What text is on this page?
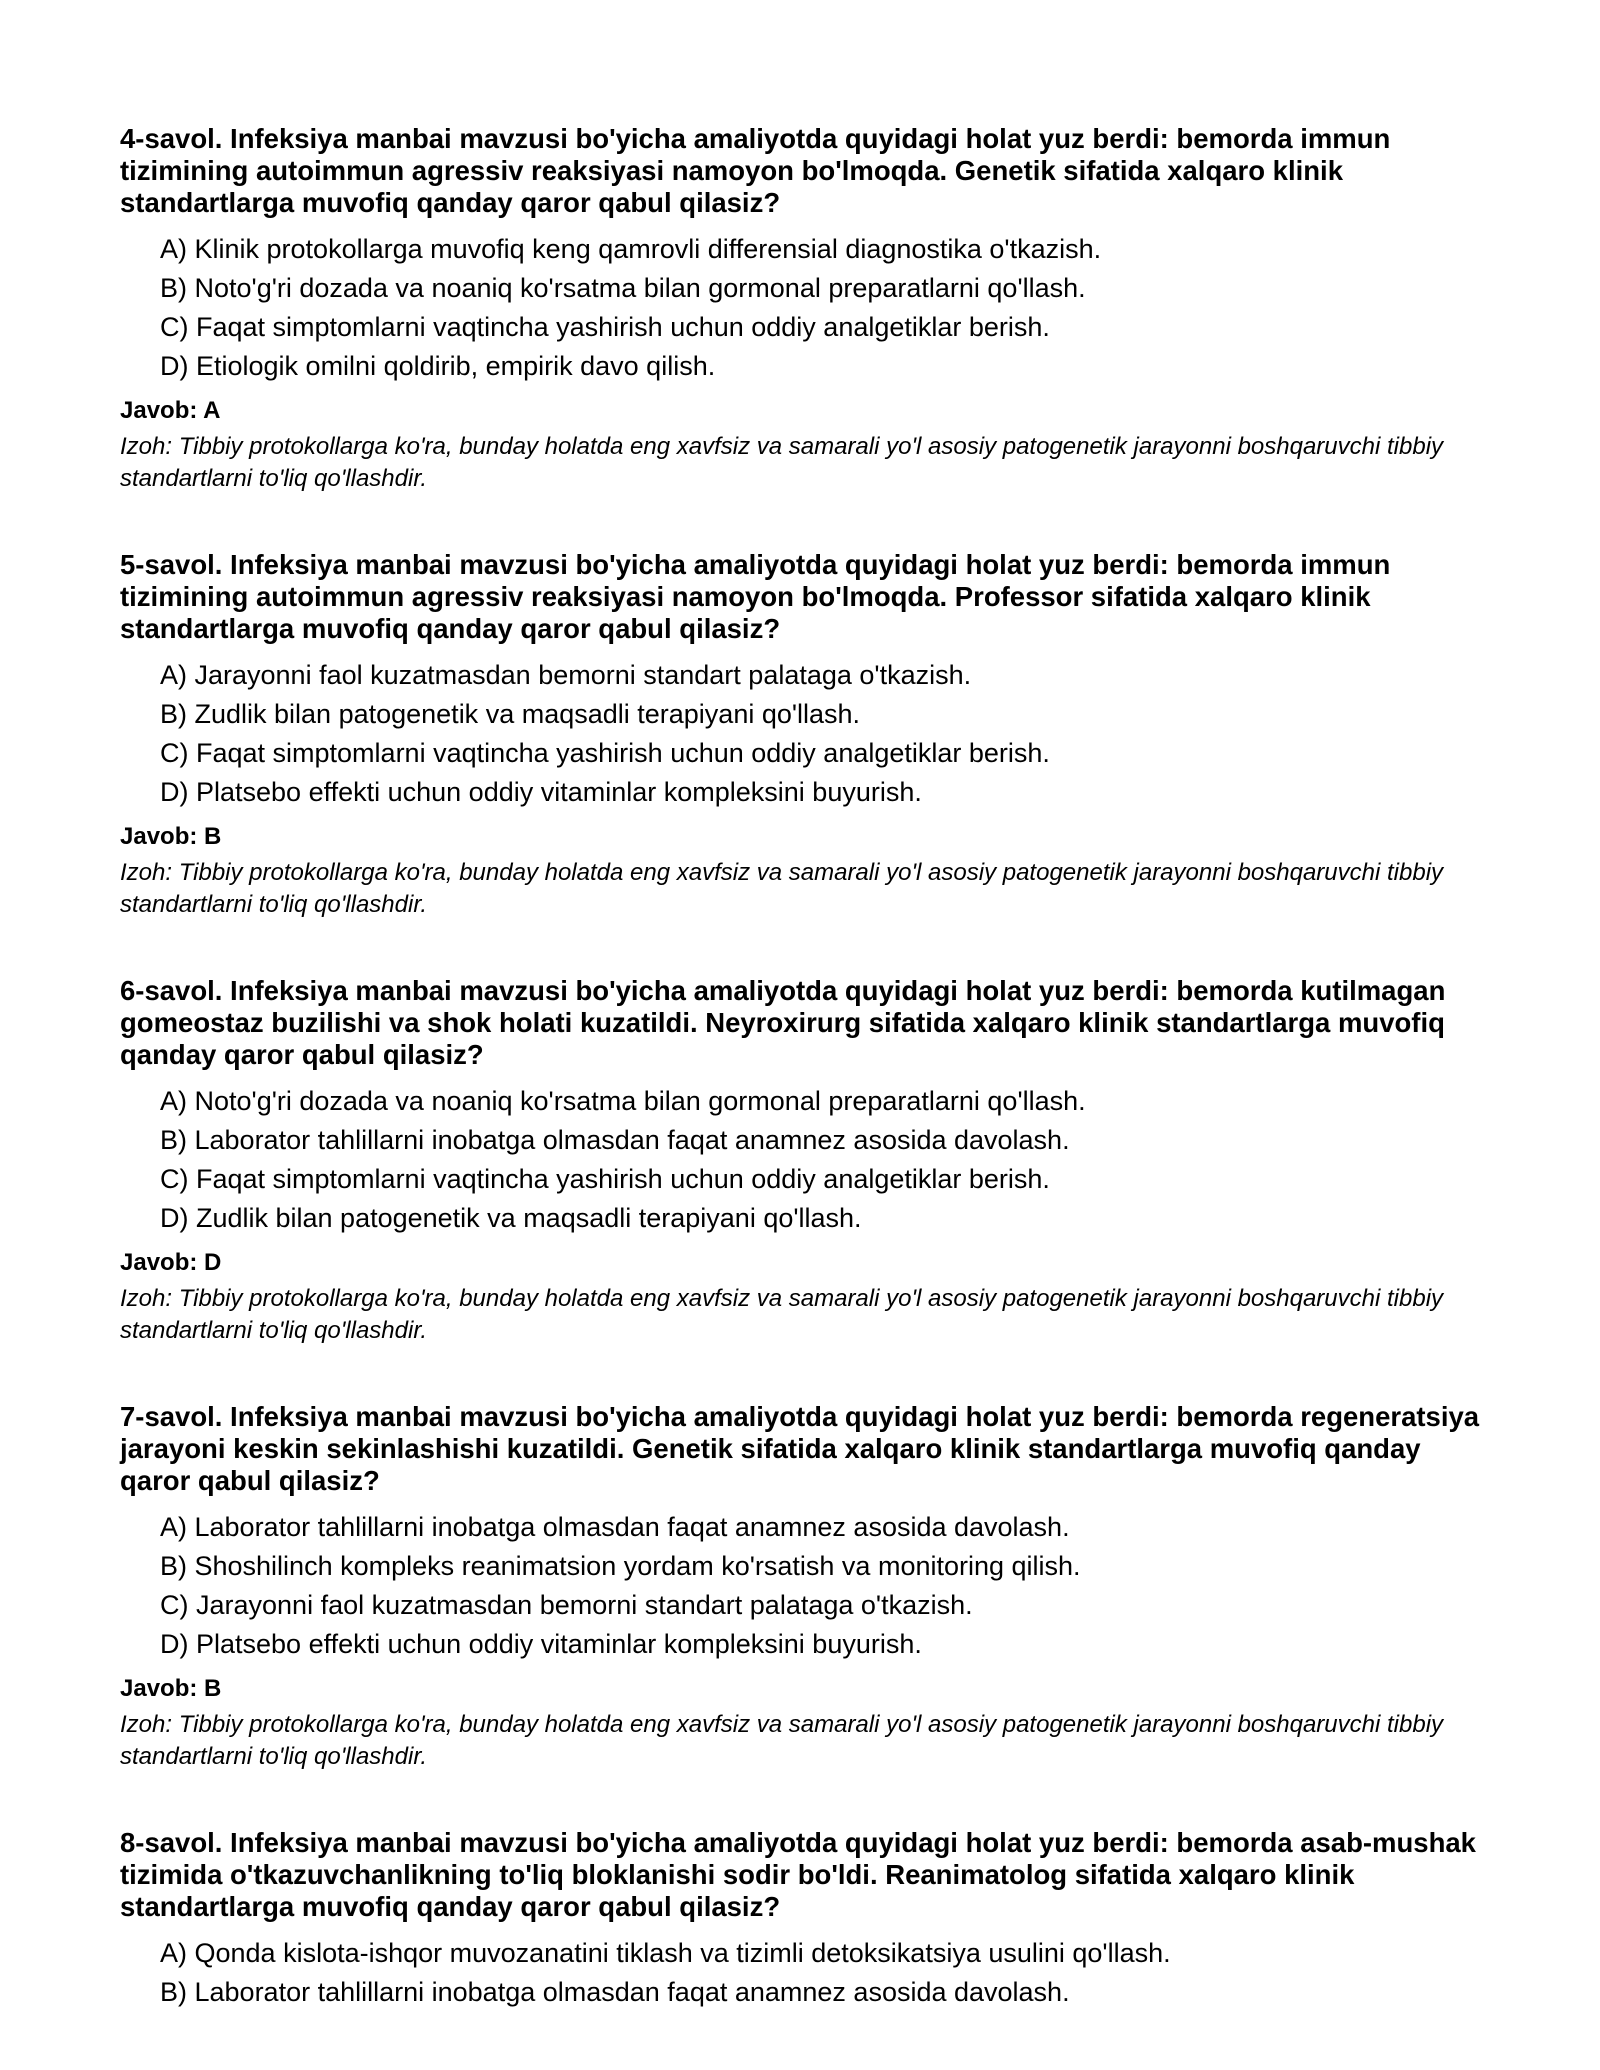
4-savol. Infeksiya manbai mavzusi bo'yicha amaliyotda quyidagi holat yuz berdi: bemorda immun tizimining autoimmun agressiv reaksiyasi namoyon bo'lmoqda. Genetik sifatida xalqaro klinik standartlarga muvofiq qanday qaror qabul qilasiz?
A) Klinik protokollarga muvofiq keng qamrovli differensial diagnostika o'tkazish.
B) Noto'g'ri dozada va noaniq ko'rsatma bilan gormonal preparatlarni qo'llash.
C) Faqat simptomlarni vaqtincha yashirish uchun oddiy analgetiklar berish.
D) Etiologik omilni qoldirib, empirik davo qilish.
Javob: A

Izoh: Tibbiy protokollarga ko'ra, bunday holatda eng xavfsiz va samarali yo'l asosiy patogenetik jarayonni boshqaruvchi tibbiy standartlarni to'liq qo'llashdir.

5-savol. Infeksiya manbai mavzusi bo'yicha amaliyotda quyidagi holat yuz berdi: bemorda immun tizimining autoimmun agressiv reaksiyasi namoyon bo'lmoqda. Professor sifatida xalqaro klinik standartlarga muvofiq qanday qaror qabul qilasiz?
A) Jarayonni faol kuzatmasdan bemorni standart palataga o'tkazish.
B) Zudlik bilan patogenetik va maqsadli terapiyani qo'llash.
C) Faqat simptomlarni vaqtincha yashirish uchun oddiy analgetiklar berish.
D) Platsebo effekti uchun oddiy vitaminlar kompleksini buyurish.
Javob: B

Izoh: Tibbiy protokollarga ko'ra, bunday holatda eng xavfsiz va samarali yo'l asosiy patogenetik jarayonni boshqaruvchi tibbiy standartlarni to'liq qo'llashdir.

6-savol. Infeksiya manbai mavzusi bo'yicha amaliyotda quyidagi holat yuz berdi: bemorda kutilmagan gomeostaz buzilishi va shok holati kuzatildi. Neyroxirurg sifatida xalqaro klinik standartlarga muvofiq qanday qaror qabul qilasiz?
A) Noto'g'ri dozada va noaniq ko'rsatma bilan gormonal preparatlarni qo'llash.
B) Laborator tahlillarni inobatga olmasdan faqat anamnez asosida davolash.
C) Faqat simptomlarni vaqtincha yashirish uchun oddiy analgetiklar berish.
D) Zudlik bilan patogenetik va maqsadli terapiyani qo'llash.
Javob: D

Izoh: Tibbiy protokollarga ko'ra, bunday holatda eng xavfsiz va samarali yo'l asosiy patogenetik jarayonni boshqaruvchi tibbiy standartlarni to'liq qo'llashdir.

7-savol. Infeksiya manbai mavzusi bo'yicha amaliyotda quyidagi holat yuz berdi: bemorda regeneratsiya jarayoni keskin sekinlashishi kuzatildi. Genetik sifatida xalqaro klinik standartlarga muvofiq qanday qaror qabul qilasiz?
A) Laborator tahlillarni inobatga olmasdan faqat anamnez asosida davolash.
B) Shoshilinch kompleks reanimatsion yordam ko'rsatish va monitoring qilish.
C) Jarayonni faol kuzatmasdan bemorni standart palataga o'tkazish.
D) Platsebo effekti uchun oddiy vitaminlar kompleksini buyurish.
Javob: B

Izoh: Tibbiy protokollarga ko'ra, bunday holatda eng xavfsiz va samarali yo'l asosiy patogenetik jarayonni boshqaruvchi tibbiy standartlarni to'liq qo'llashdir.

8-savol. Infeksiya manbai mavzusi bo'yicha amaliyotda quyidagi holat yuz berdi: bemorda asab-mushak tizimida o'tkazuvchanlikning to'liq bloklanishi sodir bo'ldi. Reanimatolog sifatida xalqaro klinik standartlarga muvofiq qanday qaror qabul qilasiz?
A) Qonda kislota-ishqor muvozanatini tiklash va tizimli detoksikatsiya usulini qo'llash.
B) Laborator tahlillarni inobatga olmasdan faqat anamnez asosida davolash.
